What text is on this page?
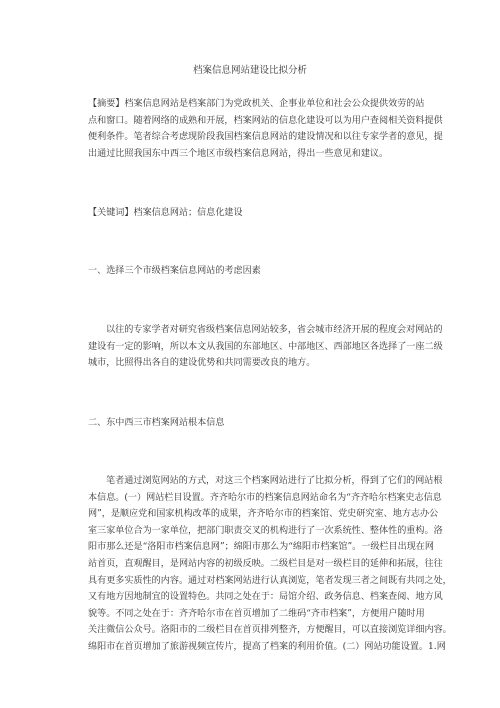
档案信息网站建设比拟分析
【摘要】档案信息网站是档案部门为党政机关、企事业单位和社会公众提供效劳的站
点和窗口。随着网络的成熟和开展，档案网站的信息化建设可以为用户查阅相关资料提供
便利条件。笔者综合考虑现阶段我国档案信息网站的建设情况和以往专家学者的意见，提
出通过比照我国东中西三个地区市级档案信息网站，得出一些意见和建议。
【关键词】档案信息网站；信息化建设
一、选择三个市级档案信息网站的考虑因素
以往的专家学者对研究省级档案信息网站较多，省会城市经济开展的程度会对网站的
建设有一定的影响，所以本文从我国的东部地区、中部地区、西部地区各选择了一座二级
城市，比照得出各自的建设优势和共同需要改良的地方。
二、东中西三市档案网站根本信息
笔者通过浏览网站的方式，对这三个档案网站进行了比拟分析，得到了它们的网站根
本信息。(一）网站栏目设置。齐齐哈尔市的档案信息网站命名为“齐齐哈尔档案史志信息
网”，是顺应党和国家机构改革的成果，齐齐哈尔市的档案馆、党史研究室、地方志办公
室三家单位合为一家单位，把部门职责交叉的机构进行了一次系统性、整体性的重构。洛
阳市那么还是“洛阳市档案信息网”；绵阳市那么为“绵阳市档案馆”。一级栏目出现在网
站首页，直观醒目，是网站内容的初级反映。二级栏目是对一级栏目的延伸和拓展，往往
具有更多实质性的内容。通过对档案网站进行认真浏览，笔者发现三者之间既有共同之处，
又有地方因地制宜的设置特色。共同之处在于：局馆介绍、政务信息、档案查阅、地方风
貌等。不同之处在于：齐齐哈尔市在首页增加了二维码“齐市档案”，方便用户随时用
关注微信公众号。洛阳市的二级栏目在首页排列整齐，方便醒目，可以直接浏览详细内容。
绵阳市在首页增加了旅游视频宣传片，提高了档案的利用价值。(二）网站功能设置。1.网
